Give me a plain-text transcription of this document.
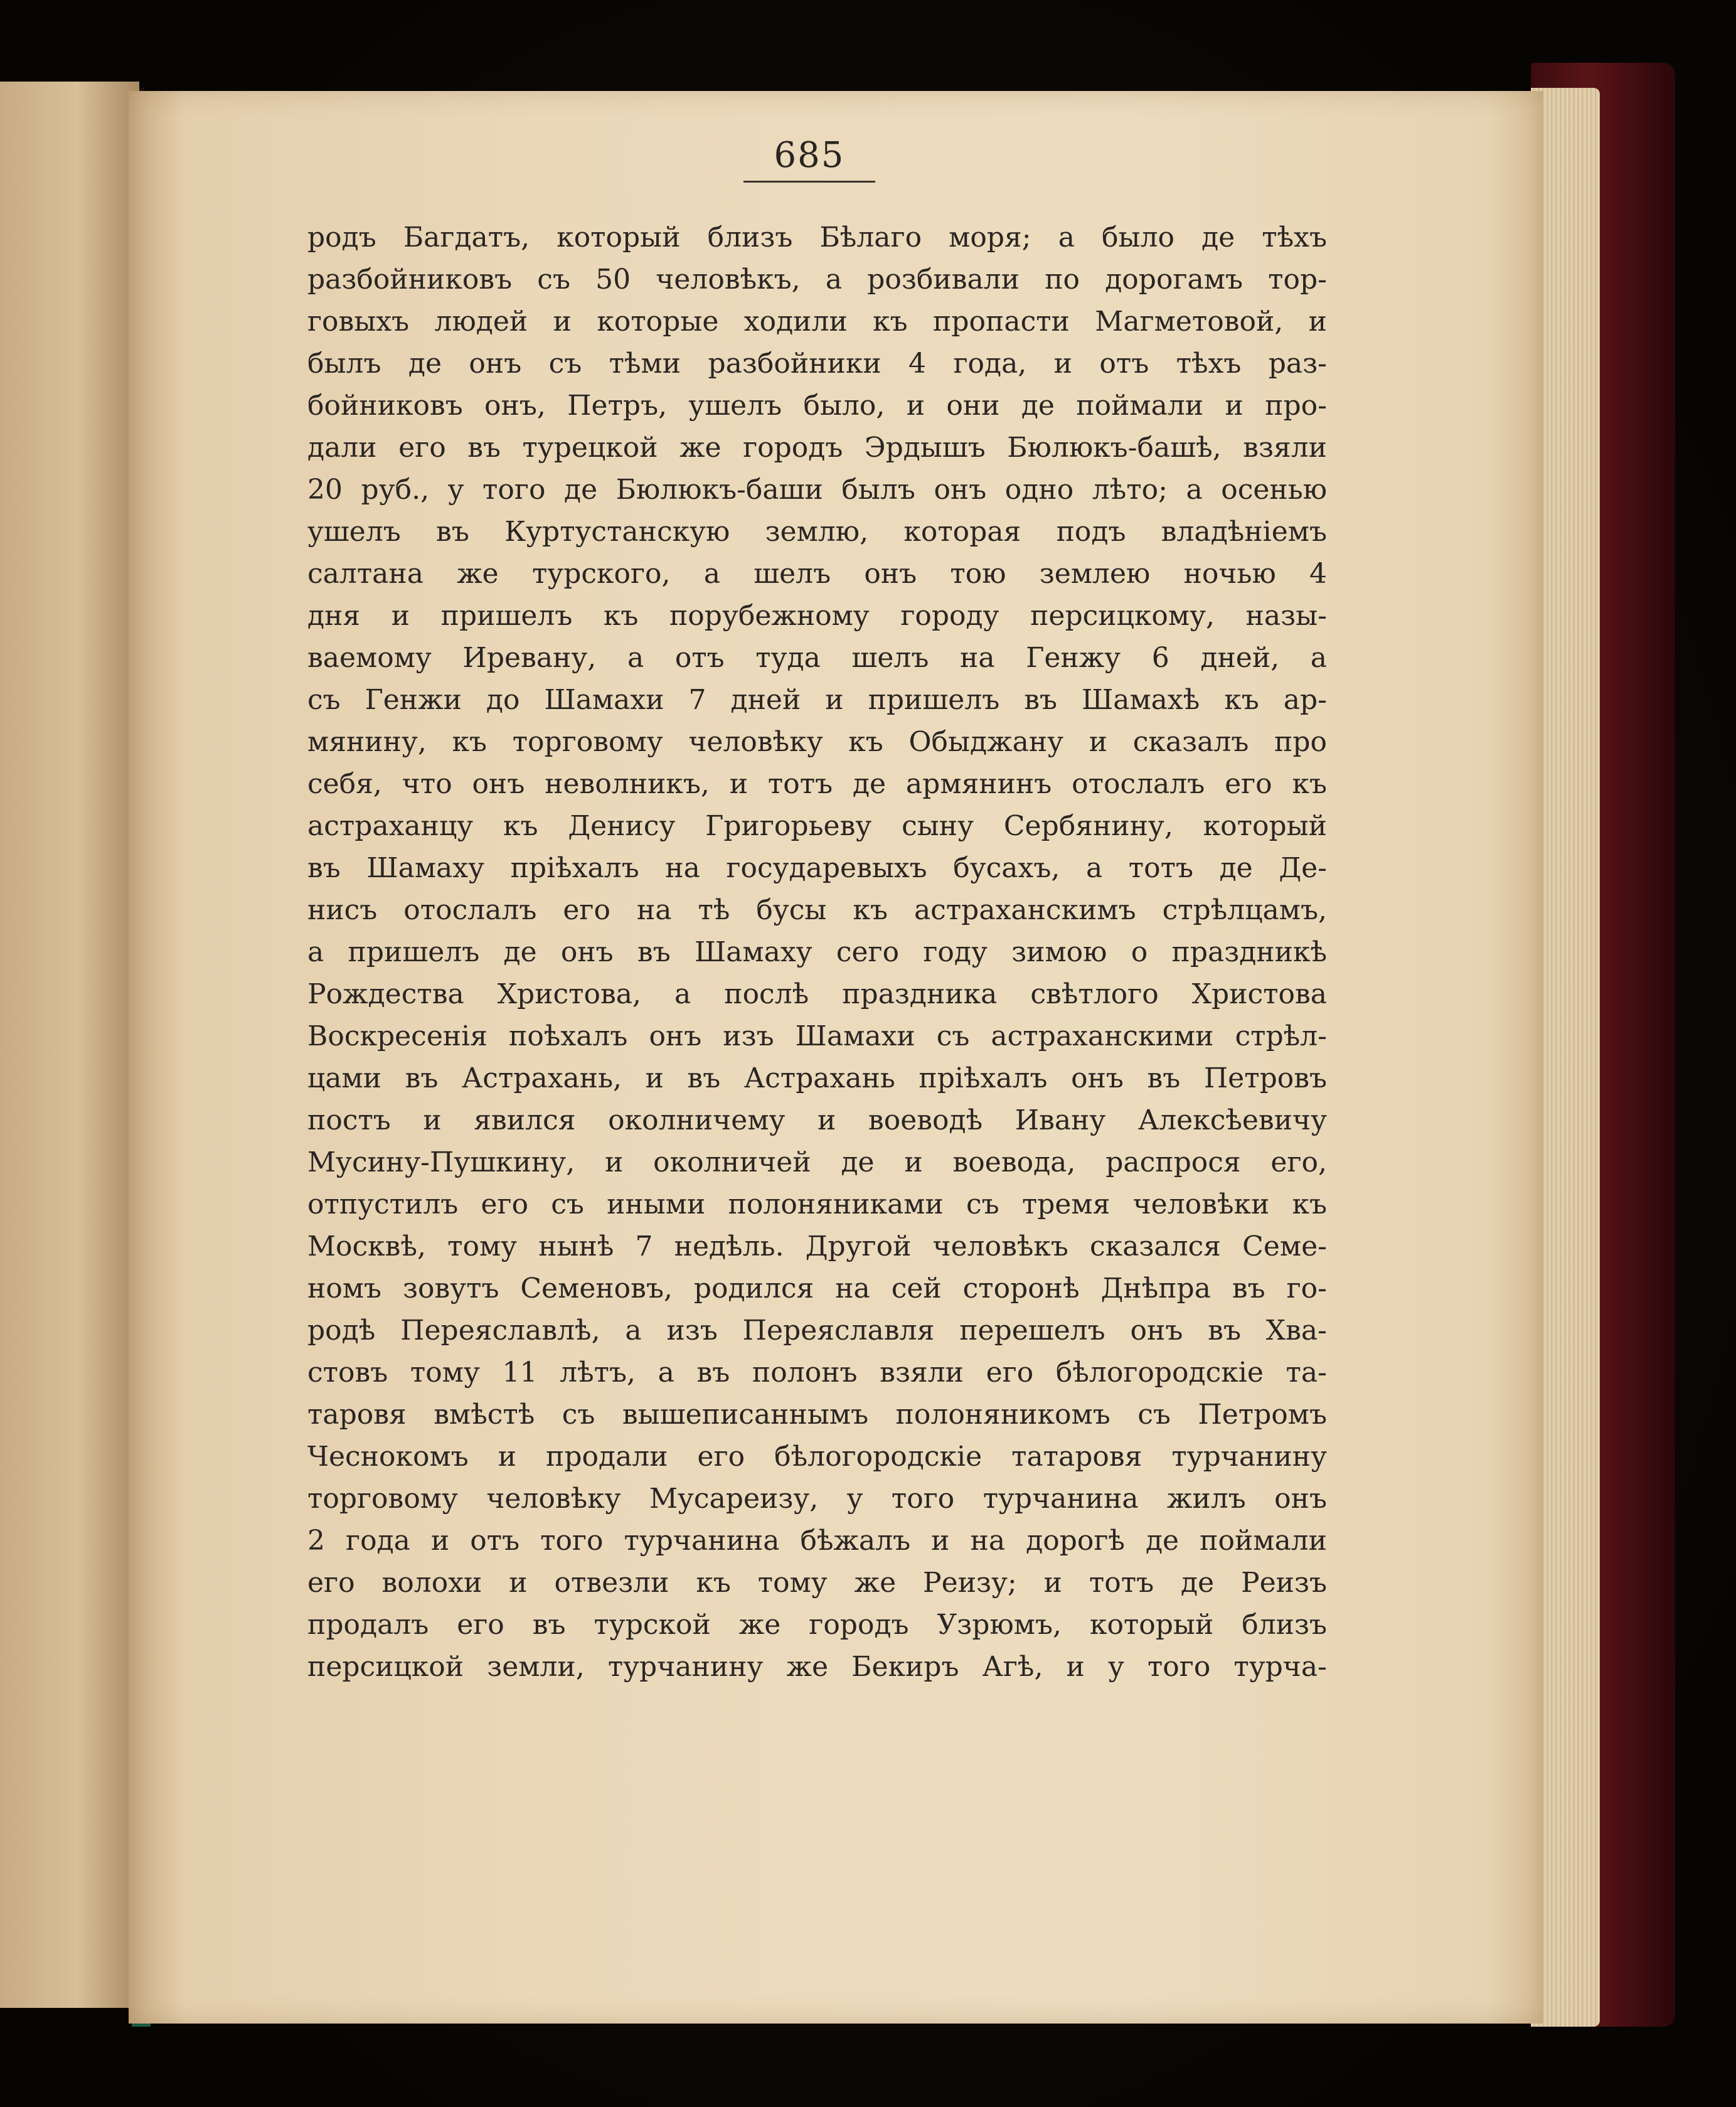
685
родъ Багдатъ, который близъ Бѣлаго моря; а было де тѣхъ
разбойниковъ съ 50 человѣкъ, а розбивали по дорогамъ тор-
говыхъ людей и которые ходили къ пропасти Магметовой, и
былъ де онъ съ тѣми разбойники 4 года, и отъ тѣхъ раз-
бойниковъ онъ, Петръ, ушелъ было, и они де поймали и про-
дали его въ турецкой же городъ Эрдышъ Бюлюкъ-башѣ, взяли
20 руб., у того де Бюлюкъ-баши былъ онъ одно лѣто; а осенью
ушелъ въ Куртустанскую землю, которая подъ владѣніемъ
салтана же турского, а шелъ онъ тою землею ночью 4
дня и пришелъ къ порубежному городу персицкому, назы-
ваемому Иревану, а отъ туда шелъ на Генжу 6 дней, а
съ Генжи до Шамахи 7 дней и пришелъ въ Шамахѣ къ ар-
мянину, къ торговому человѣку къ Обыджану и сказалъ про
себя, что онъ неволникъ, и тотъ де армянинъ отослалъ его къ
астраханцу къ Денису Григорьеву сыну Сербянину, который
въ Шамаху пріѣхалъ на государевыхъ бусахъ, а тотъ де Де-
нисъ отослалъ его на тѣ бусы къ астраханскимъ стрѣлцамъ,
а пришелъ де онъ въ Шамаху сего году зимою о праздникѣ
Рождества Христова, а послѣ праздника свѣтлого Христова
Воскресенія поѣхалъ онъ изъ Шамахи съ астраханскими стрѣл-
цами въ Астрахань, и въ Астрахань пріѣхалъ онъ въ Петровъ
постъ и явился околничему и воеводѣ Ивану Алексѣевичу
Мусину-Пушкину, и околничей де и воевода, распрося его,
отпустилъ его съ иными полоняниками съ тремя человѣки къ
Москвѣ, тому нынѣ 7 недѣль. Другой человѣкъ сказался Семе-
номъ зовутъ Семеновъ, родился на сей сторонѣ Днѣпра въ го-
родѣ Переяславлѣ, а изъ Переяславля перешелъ онъ въ Хва-
стовъ тому 11 лѣтъ, а въ полонъ взяли его бѣлогородскіе та-
таровя вмѣстѣ съ вышеписаннымъ полоняникомъ съ Петромъ
Чеснокомъ и продали его бѣлогородскіе татаровя турчанину
торговому человѣку Мусареизу, у того турчанина жилъ онъ
2 года и отъ того турчанина бѣжалъ и на дорогѣ де поймали
его волохи и отвезли къ тому же Реизу; и тотъ де Реизъ
продалъ его въ турской же городъ Узрюмъ, который близъ
персицкой земли, турчанину же Бекиръ Агѣ, и у того турча-
